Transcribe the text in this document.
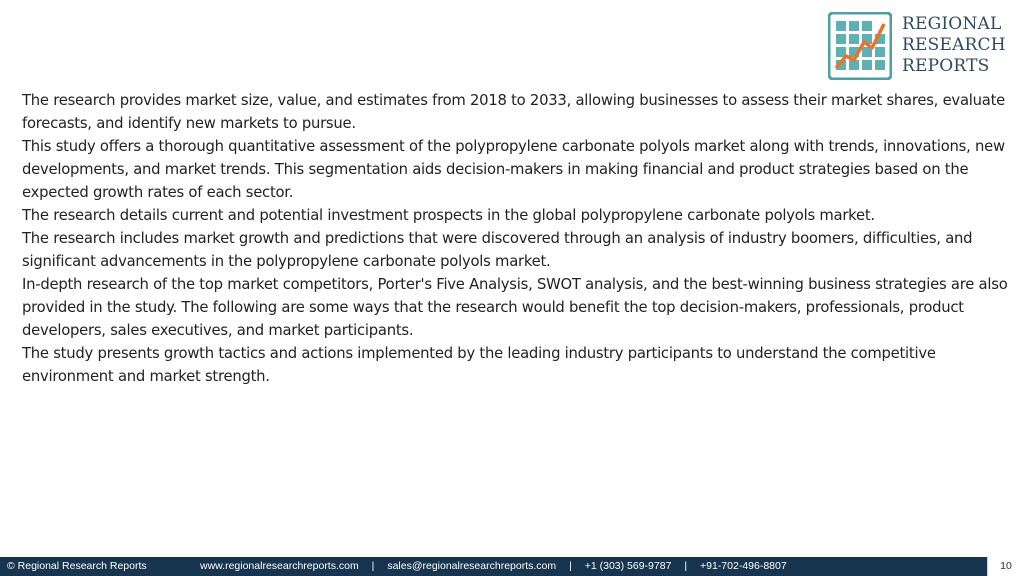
REGIONAL
RESEARCH
REPORTS

The research provides market size, value, and estimates from 2018 to 2033, allowing businesses to assess their market shares, evaluate forecasts, and identify new markets to pursue.

This study offers a thorough quantitative assessment of the polypropylene carbonate polyols market along with trends, innovations, new developments, and market trends. This segmentation aids decision-makers in making financial and product strategies based on the expected growth rates of each sector.

The research details current and potential investment prospects in the global polypropylene carbonate polyols market.

The research includes market growth and predictions that were discovered through an analysis of industry boomers, difficulties, and significant advancements in the polypropylene carbonate polyols market.

In-depth research of the top market competitors, Porter's Five Analysis, SWOT analysis, and the best-winning business strategies are also provided in the study. The following are some ways that the research would benefit the top decision-makers, professionals, product developers, sales executives, and market participants.

The study presents growth tactics and actions implemented by the leading industry participants to understand the competitive environment and market strength.

© Regional Research Reports	www.regionalresearchreports.com | sales@regionalresearchreports.com | +1 (303) 569-9787 | +91-702-496-8807	10
